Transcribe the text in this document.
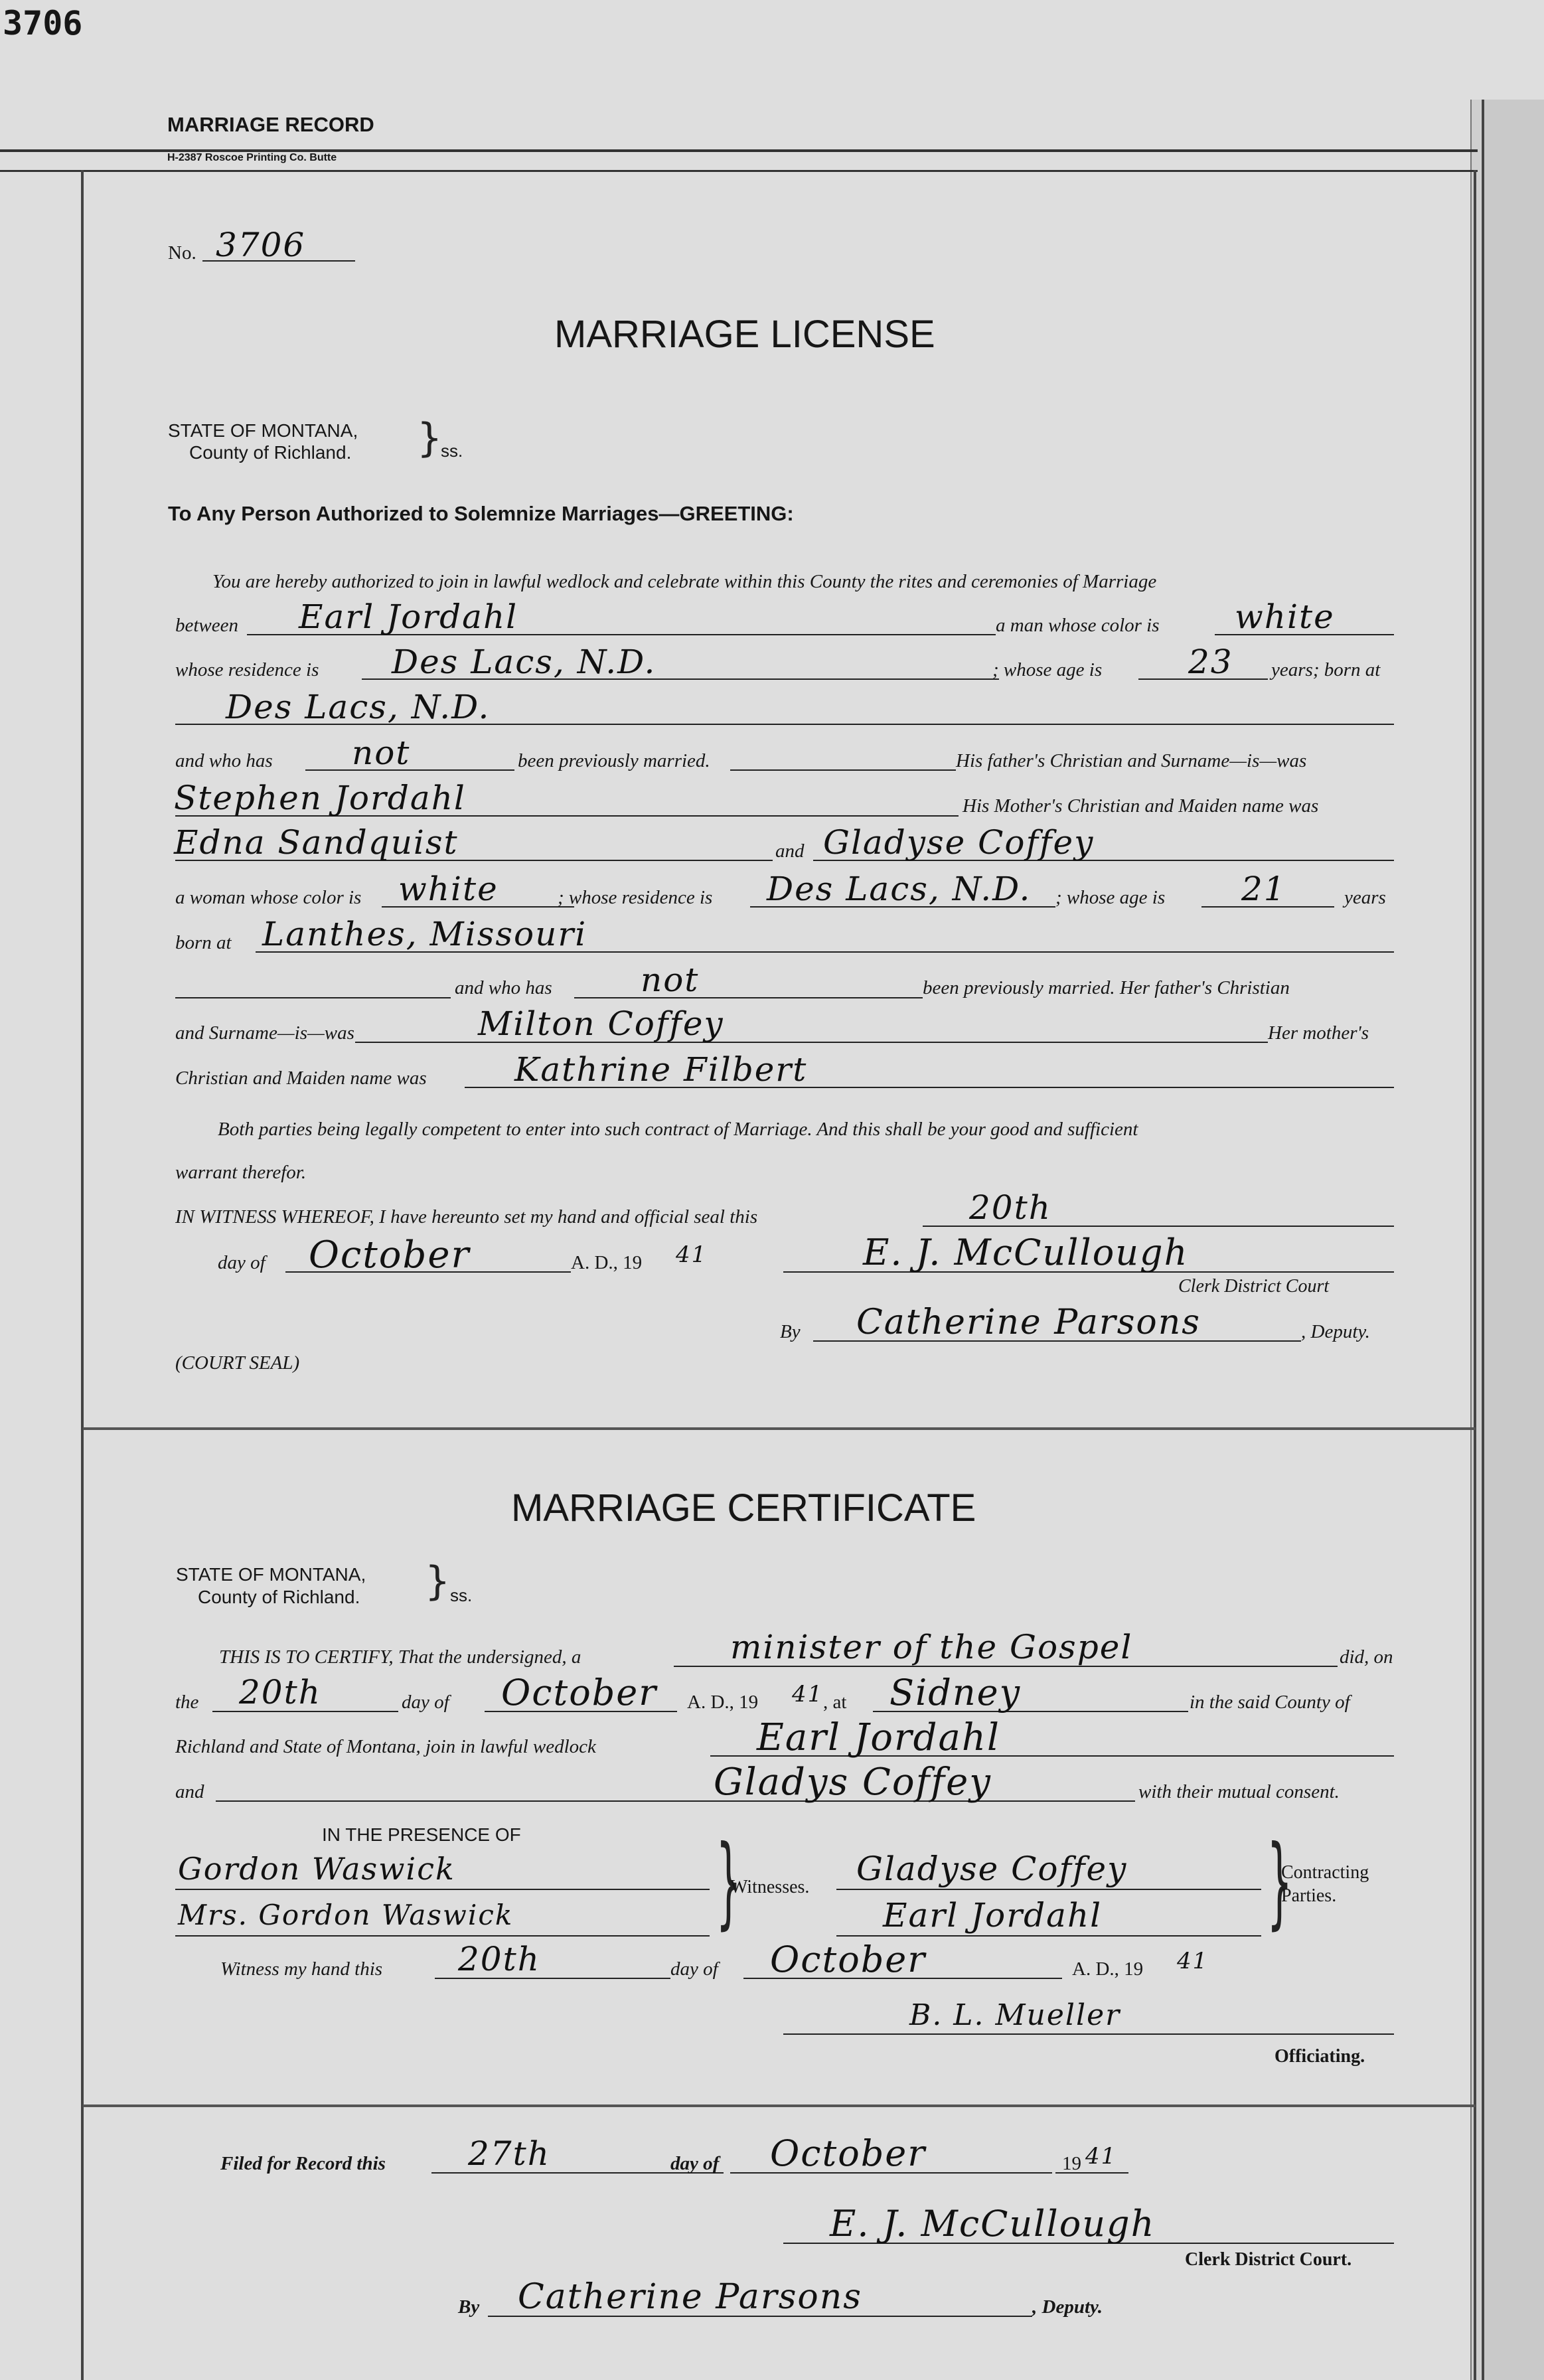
3706
MARRIAGE RECORD
H-2387 Roscoe Printing Co. Butte
No. 3706
MARRIAGE LICENSE
STATE OF MONTANA,
County of Richland. }
ss.
To Any Person Authorized to Solemnize Marriages—GREETING:
You are hereby authorized to join in lawful wedlock and celebrate within this County the rites and ceremonies of Marriage
between Earl Jordahl	a man whose color is white
whose residence is Des Lacs, N.D.	; whose age is	23 years; born at
Des Lacs, N.D.
and who has not	been previously married.	His father's Christian and Surname—is—was
Stephen Jordahl	His Mother's Christian and Maiden name was
Edna Sandquist	and Gladyse Coffey
a woman whose color is white	; whose residence is Des Lacs, N.D. ; whose age is 21	years
born at Lanthes, Missouri
and who has	not	been previously married. Her father's Christian
and Surname—is—was	Milton Coffey	Her mother's
Christian and Maiden name was	Kathrine Filbert
Both parties being legally competent to enter into such contract of Marriage. And this shall be your good and sufficient
warrant therefor.
IN WITNESS WHEREOF, I have hereunto set my hand and official seal this	20th
day of October	A. D., 19 41	E. J. McCullough
Clerk District Court
By Catherine Parsons	, Deputy.
(COURT SEAL)
MARRIAGE CERTIFICATE
STATE OF MONTANA,
County of Richland. } ss.
THIS IS TO CERTIFY, That the undersigned, a	minister of the Gospel	did, on
the 20th	day of October A. D., 19 41 , at Sidney	in the said County of
Richland and State of Montana, join in lawful wedlock	Earl Jordahl
and	Gladys Coffey	with their mutual consent.
IN THE PRESENCE OF
Gordon Waswick
Mrs. Gordon Waswick }
Witnesses. Gladyse Coffey
Earl Jordahl }
Contracting
Parties.
Witness my hand this 20th	day of October	A. D., 19 41
B. L. Mueller
Officiating.
Filed for Record this 27th	day of October	19 41
E. J. McCullough
Clerk District Court.
By Catherine Parsons	, Deputy.
